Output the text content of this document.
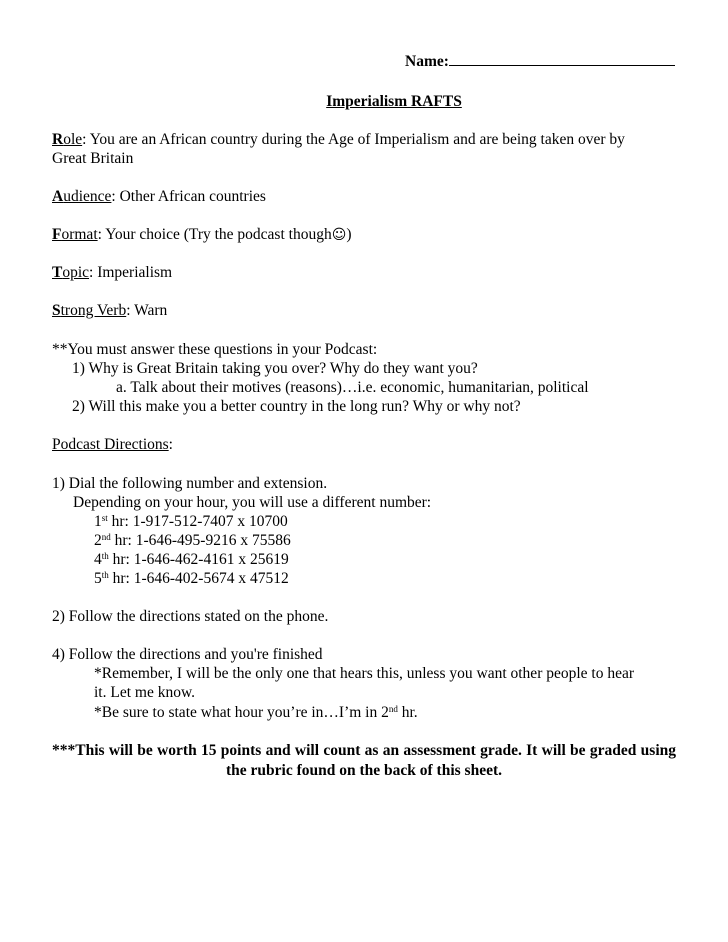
Name:
Imperialism RAFTS
Role: You are an African country during the Age of Imperialism and are being taken over by
Great Britain
Audience: Other African countries
Format: Your choice (Try the podcast though☺)
Topic: Imperialism
Strong Verb: Warn
**You must answer these questions in your Podcast:
1) Why is Great Britain taking you over? Why do they want you?
a. Talk about their motives (reasons)…i.e. economic, humanitarian, political
2) Will this make you a better country in the long run? Why or why not?
Podcast Directions:
1) Dial the following number and extension.
Depending on your hour, you will use a different number:
1st hr: 1-917-512-7407 x 10700
2nd hr: 1-646-495-9216 x 75586
4th hr: 1-646-462-4161 x 25619
5th hr: 1-646-402-5674 x 47512
2) Follow the directions stated on the phone.
4) Follow the directions and you're finished
*Remember, I will be the only one that hears this, unless you want other people to hear
it. Let me know.
*Be sure to state what hour you’re in…I’m in 2nd hr.
***This will be worth 15 points and will count as an assessment grade. It will be graded using the rubric found on the back of this sheet.
